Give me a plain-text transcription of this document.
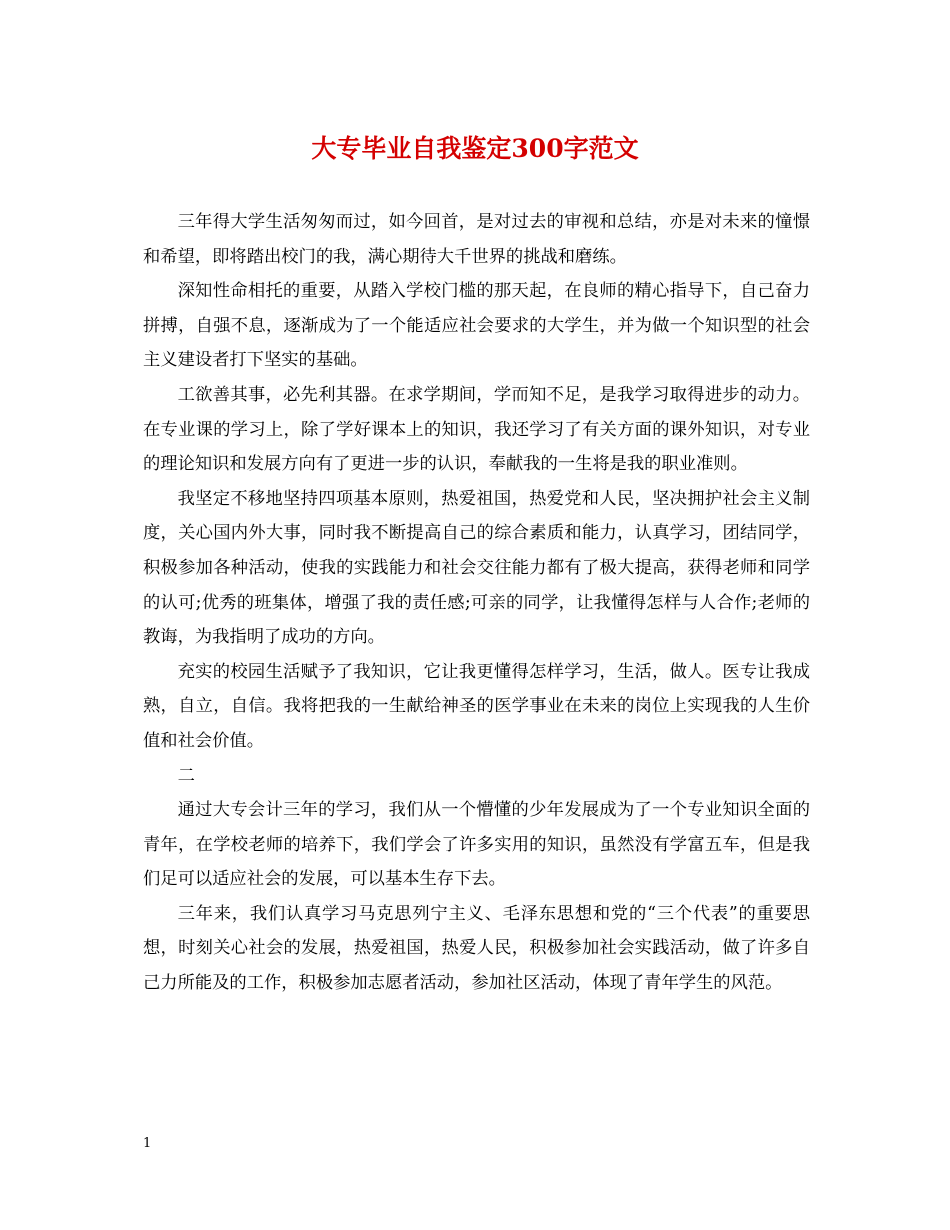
大专毕业自我鉴定300字范文

三年得大学生活匆匆而过，如今回首，是对过去的审视和总结，亦是对未来的憧憬和希望，即将踏出校门的我，满心期待大千世界的挑战和磨练。

深知性命相托的重要，从踏入学校门槛的那天起，在良师的精心指导下，自己奋力拼搏，自强不息，逐渐成为了一个能适应社会要求的大学生，并为做一个知识型的社会主义建设者打下坚实的基础。

工欲善其事，必先利其器。在求学期间，学而知不足，是我学习取得进步的动力。在专业课的学习上，除了学好课本上的知识，我还学习了有关方面的课外知识，对专业的理论知识和发展方向有了更进一步的认识，奉献我的一生将是我的职业准则。

我坚定不移地坚持四项基本原则，热爱祖国，热爱党和人民，坚决拥护社会主义制度，关心国内外大事，同时我不断提高自己的综合素质和能力，认真学习，团结同学，积极参加各种活动，使我的实践能力和社会交往能力都有了极大提高，获得老师和同学的认可;优秀的班集体，增强了我的责任感;可亲的同学，让我懂得怎样与人合作;老师的教诲，为我指明了成功的方向。

充实的校园生活赋予了我知识，它让我更懂得怎样学习，生活，做人。医专让我成熟，自立，自信。我将把我的一生献给神圣的医学事业在未来的岗位上实现我的人生价值和社会价值。

二

通过大专会计三年的学习，我们从一个懵懂的少年发展成为了一个专业知识全面的青年，在学校老师的培养下，我们学会了许多实用的知识，虽然没有学富五车，但是我们足可以适应社会的发展，可以基本生存下去。

三年来，我们认真学习马克思列宁主义、毛泽东思想和党的“三个代表”的重要思想，时刻关心社会的发展，热爱祖国，热爱人民，积极参加社会实践活动，做了许多自己力所能及的工作，积极参加志愿者活动，参加社区活动，体现了青年学生的风范。

1
